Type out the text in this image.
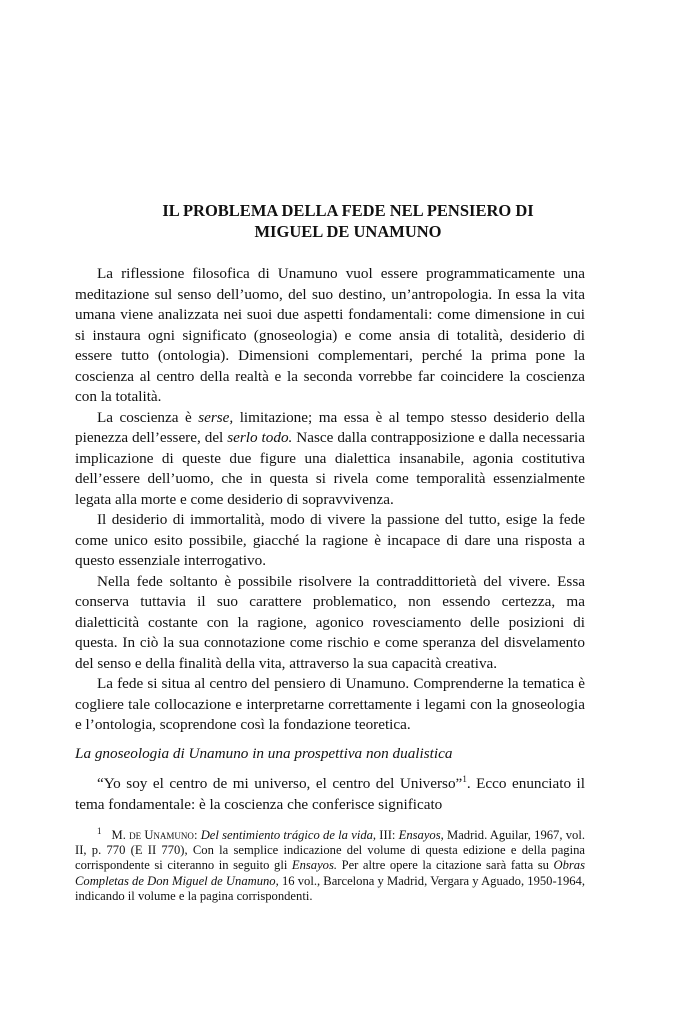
IL PROBLEMA DELLA FEDE NEL PENSIERO DI
MIGUEL DE UNAMUNO

La riflessione filosofica di Unamuno vuol essere programmaticamente una meditazione sul senso dell’uomo, del suo destino, un’antropologia. In essa la vita umana viene analizzata nei suoi due aspetti fondamentali: come dimensione in cui si instaura ogni significato (gnoseologia) e come ansia di totalità, desiderio di essere tutto (ontologia). Dimensioni complementari, perché la prima pone la coscienza al centro della realtà e la seconda vorrebbe far coincidere la coscienza con la totalità.

La coscienza è serse, limitazione; ma essa è al tempo stesso desiderio della pienezza dell’essere, del serlo todo. Nasce dalla contrapposizione e dalla necessaria implicazione di queste due figure una dialettica insanabile, agonia costitutiva dell’essere dell’uomo, che in questa si rivela come temporalità essenzialmente legata alla morte e come desiderio di sopravvivenza.

Il desiderio di immortalità, modo di vivere la passione del tutto, esige la fede come unico esito possibile, giacché la ragione è incapace di dare una risposta a questo essenziale interrogativo.

Nella fede soltanto è possibile risolvere la contraddittorietà del vivere. Essa conserva tuttavia il suo carattere problematico, non essendo certezza, ma dialetticità costante con la ragione, agonico rovesciamento delle posizioni di questa. In ciò la sua connotazione come rischio e come speranza del disvelamento del senso e della finalità della vita, attraverso la sua capacità creativa.

La fede si situa al centro del pensiero di Unamuno. Comprenderne la tematica è cogliere tale collocazione e interpretarne correttamente i legami con la gnoseologia e l’ontologia, scoprendone così la fondazione teoretica.

La gnoseologia di Unamuno in una prospettiva non dualistica

“Yo soy el centro de mi universo, el centro del Universo”$^1$. Ecco enunciato il tema fondamentale: è la coscienza che conferisce significato

$^1$ M. de Unamuno: Del sentimiento trágico de la vida, III: Ensayos, Madrid. Aguilar, 1967, vol. II, p. 770 (E II 770), Con la semplice indicazione del volume di questa edizione e della pagina corrispondente si citeranno in seguito gli Ensayos. Per altre opere la citazione sarà fatta su Obras Completas de Don Miguel de Unamuno, 16 vol., Barcelona y Madrid, Vergara y Aguado, 1950-1964, indicando il volume e la pagina corrispondenti.
